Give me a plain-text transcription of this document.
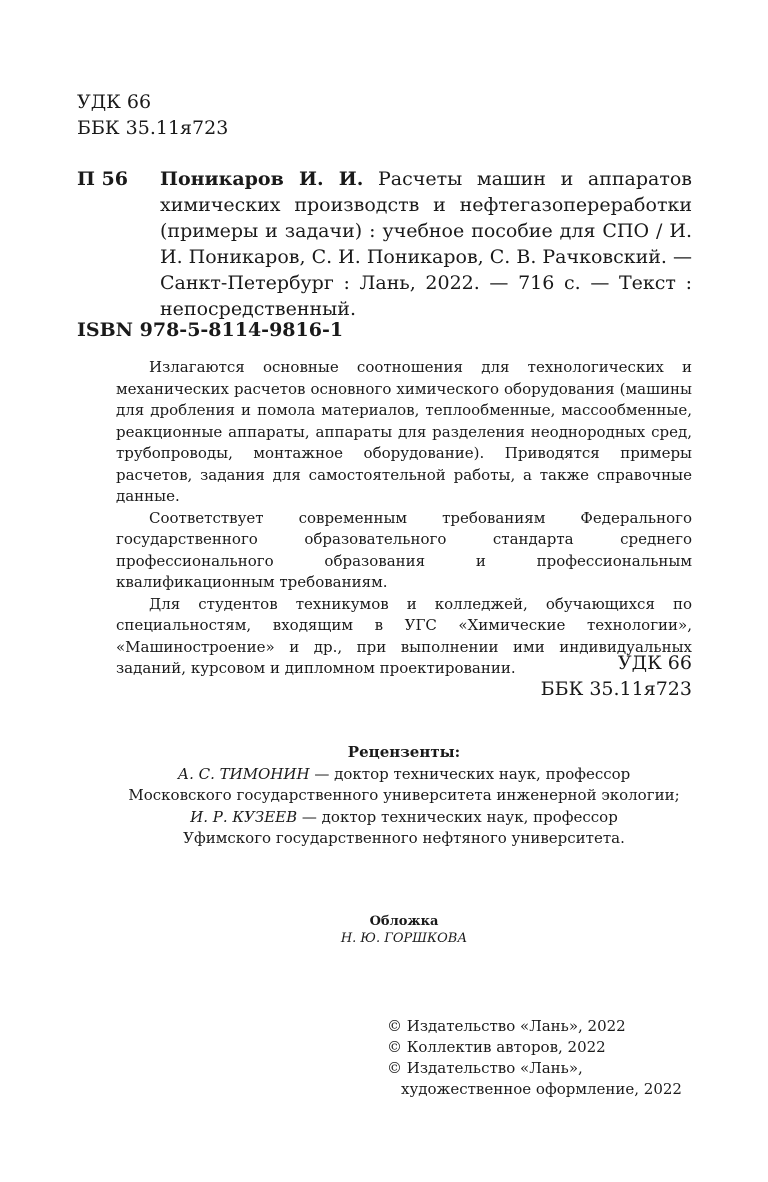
УДК 66
ББК 35.11я723
П 56 Поникаров И. И. Расчеты машин и аппаратов химических производств и нефтегазопереработки (примеры и задачи) : учебное пособие для СПО / И. И. Поникаров, С. И. Поникаров, С. В. Рачковский. — Санкт-Петербург : Лань, 2022. — 716 с. — Текст : непосредственный.
ISBN 978-5-8114-9816-1

Излагаются основные соотношения для технологических и механических расчетов основного химического оборудования (машины для дробления и помола материалов, теплообменные, массообменные, реакционные аппараты, аппараты для разделения неоднородных сред, трубопроводы, монтажное оборудование). Приводятся примеры расчетов, задания для самостоятельной работы, а также справочные данные.

Соответствует современным требованиям Федерального государственного образовательного стандарта среднего профессионального образования и профессиональным квалификационным требованиям.

Для студентов техникумов и колледжей, обучающихся по специальностям, входящим в УГС «Химические технологии», «Машиностроение» и др., при выполнении ими индивидуальных заданий, курсовом и дипломном проектировании.	УДК 66
ББК 35.11я723
Рецензенты:
А. С. ТИМОНИН — доктор технических наук, профессор
Московского государственного университета инженерной экологии;
И. Р. КУЗЕЕВ — доктор технических наук, профессор
Уфимского государственного нефтяного университета.
Обложка
Н. Ю. ГОРШКОВА
© Издательство «Лань», 2022
© Коллектив авторов, 2022
© Издательство «Лань»,
художественное оформление, 2022
